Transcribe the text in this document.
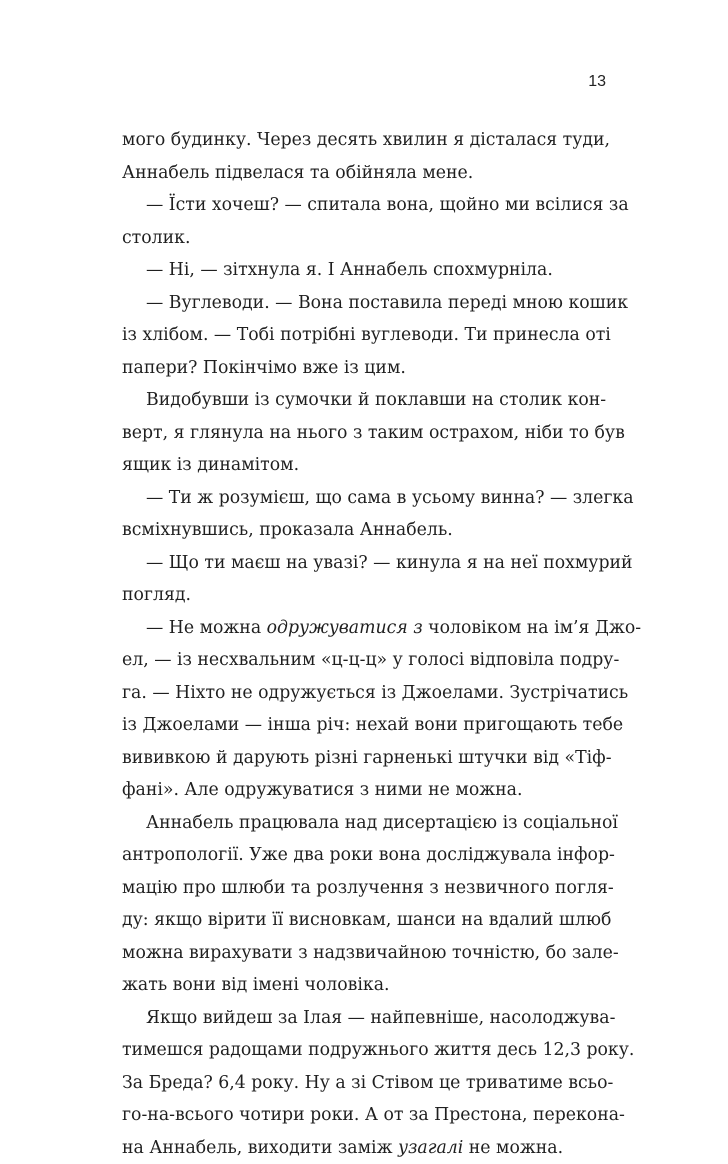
13
мого будинку. Через десять хвилин я дісталася туди,
Аннабель підвелася та обійняла мене.
— Їсти хочеш? — спитала вона, щойно ми всілися за
столик.
— Ні, — зітхнула я. І Аннабель спохмурніла.
— Вуглеводи. — Вона поставила переді мною кошик
із хлібом. — Тобі потрібні вуглеводи. Ти принесла оті
папери? Покінчімо вже із цим.
Видобувши із сумочки й поклавши на столик кон-
верт, я глянула на нього з таким острахом, ніби то був
ящик із динамітом.
— Ти ж розумієш, що сама в усьому винна? — злегка
всміхнувшись, проказала Аннабель.
— Що ти маєш на увазі? — кинула я на неї похмурий
погляд.
— Не можна одружуватися з чоловіком на ім’я Джо-
ел, — із несхвальним «ц-ц-ц» у голосі відповіла подру-
га. — Ніхто не одружується із Джоелами. Зустрічатись
із Джоелами — інша річ: нехай вони пригощають тебе
вививкою й дарують різні гарненькі штучки від «Тіф-
фані». Але одружуватися з ними не можна.
Аннабель працювала над дисертацією із соціальної
антропології. Уже два роки вона досліджувала інфор-
мацію про шлюби та розлучення з незвичного погля-
ду: якщо вірити її висновкам, шанси на вдалий шлюб
можна вирахувати з надзвичайною точністю, бо зале-
жать вони від імені чоловіка.
Якщо вийдеш за Ілая — найпевніше, насолоджува-
тимешся радощами подружнього життя десь 12,3 року.
За Бреда? 6,4 року. Ну а зі Стівом це триватиме всьо-
го-на-всього чотири роки. А от за Престона, перекона-
на Аннабель, виходити заміж узагалі не можна.
